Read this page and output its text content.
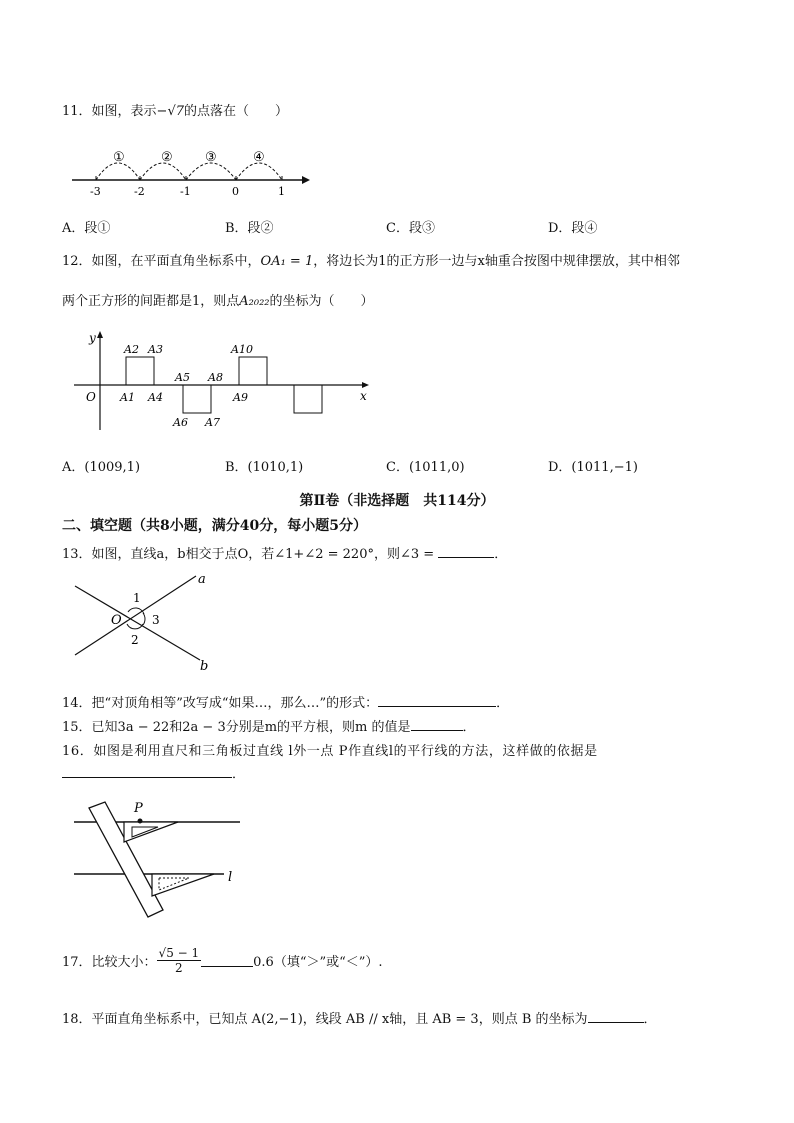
11．如图，表示−√7的点落在（　　）
①	② ③	④
-3	-2	-1	0	1
A．段①	B．段②	C．段③	D．段④
12．如图，在平面直角坐标系中，OA₁ = 1，将边长为1的正方形一边与x轴重合按图中规律摆放，其中相邻
两个正方形的间距都是1，则点A₂₀₂₂的坐标为（　　）
y
x
O A1
A2 A3
A4
A5
A6 A7
A8
A9
A10
A．(1009,1)	B．(1010,1)	C．(1011,0)	D．(1011,−1)
第Ⅱ卷（非选择题　共114分）
二、填空题（共8小题，满分40分，每小题5分）
13．如图，直线a，b相交于点O，若∠1+∠2 = 220°，则∠3 =	．
a
b
O
1
2
3
14．把“对顶角相等”改写成“如果…，那么…”的形式：	．
15．已知3a − 22和2a − 3分别是m的平方根，则m 的值是	．
16．如图是利用直尺和三角板过直线 l外一点 P作直线l的平行线的方法，这样做的依据是
．
P
l
17．比较大小： $\frac{√5 - 1}{2}$	0.6（填“＞”或“＜”）.
18．平面直角坐标系中，已知点 A(2,−1)，线段 AB // x轴，且 AB = 3，则点 B 的坐标为	．
